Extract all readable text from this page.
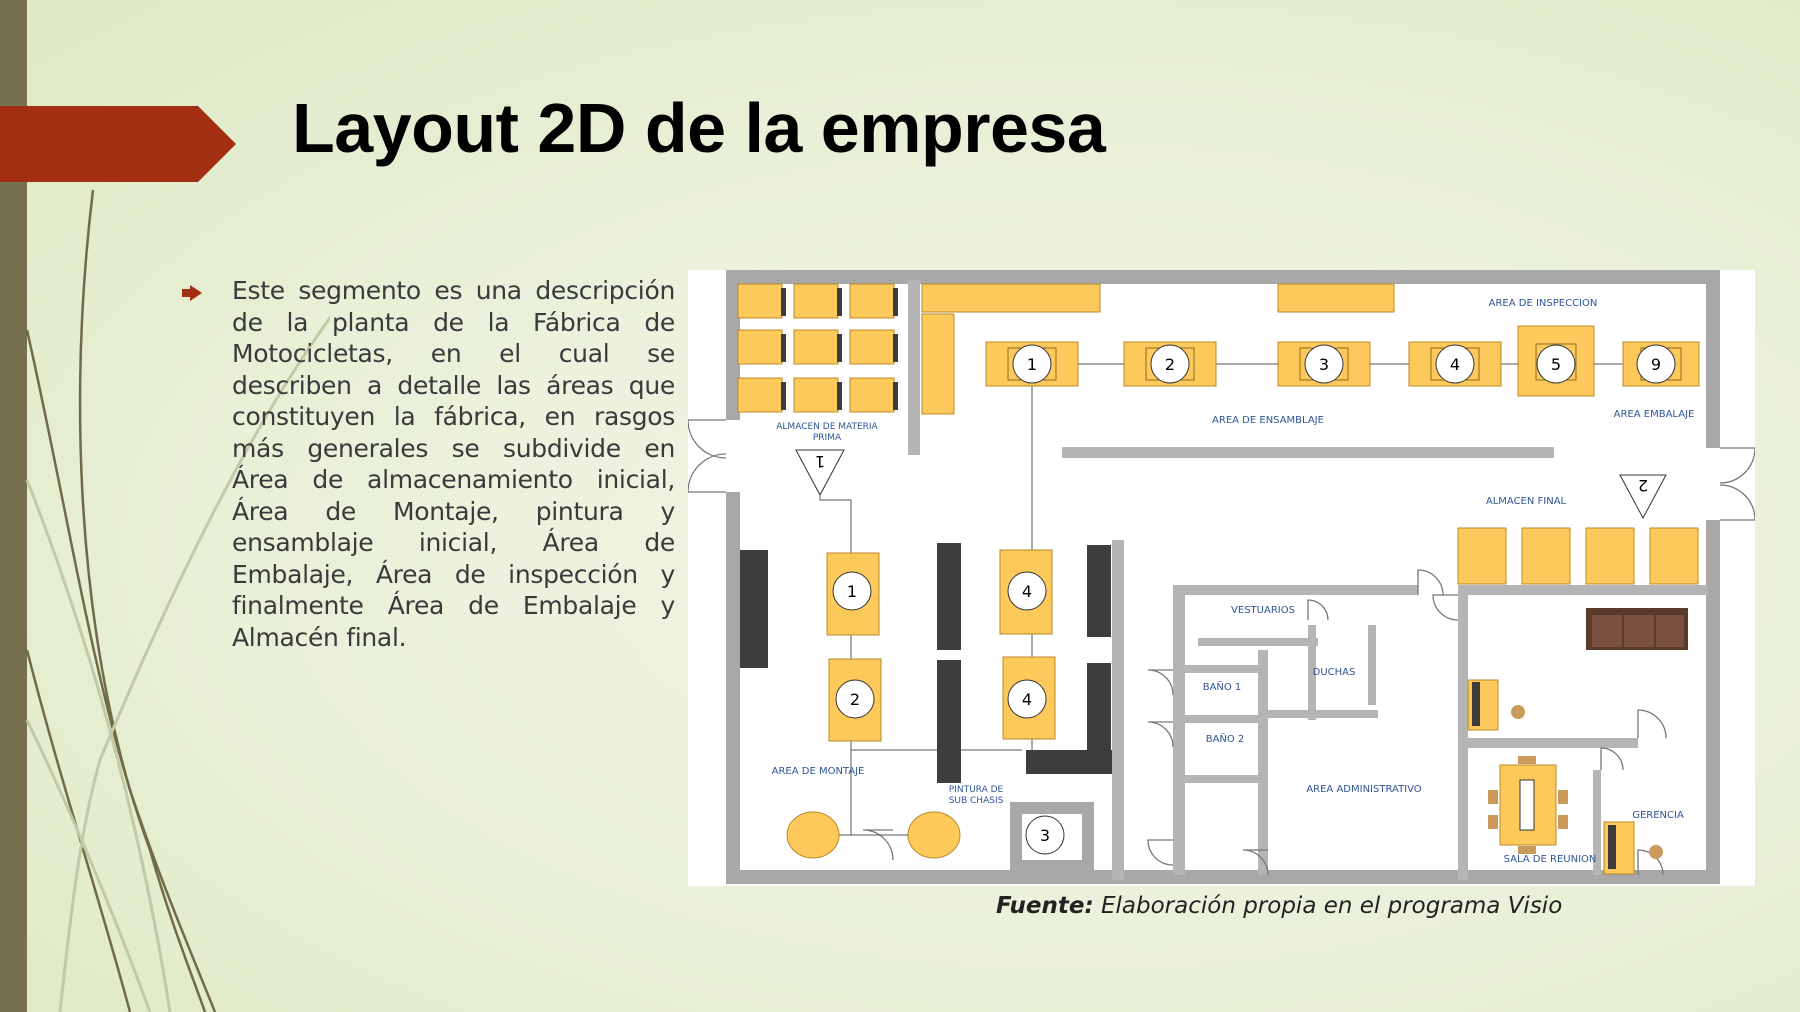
Layout 2D de la empresa

Este segmento es una descripción de la planta de la Fábrica de Motocicletas, en el cual se describen a detalle las áreas que constituyen la fábrica, en rasgos más generales se subdivide en Área de almacenamiento inicial, Área de Montaje, pintura y ensamblaje inicial, Área de Embalaje, Área de inspección y finalmente Área de Embalaje y Almacén final.

1	2	3	4	5	9
1
2
1
2
4
4
3
AREA DE INSPECCION
ALMACEN DE MATERIA
PRIMA
AREA DE ENSAMBLAJE
AREA EMBALAJE
ALMACEN FINAL
VESTUARIOS
DUCHAS
BAÑO 1
BAÑO 2
AREA DE MONTAJE
PINTURA DE
SUB CHASIS
AREA ADMINISTRATIVO
GERENCIA
SALA DE REUNION

Fuente: Elaboración propia en el programa Visio
